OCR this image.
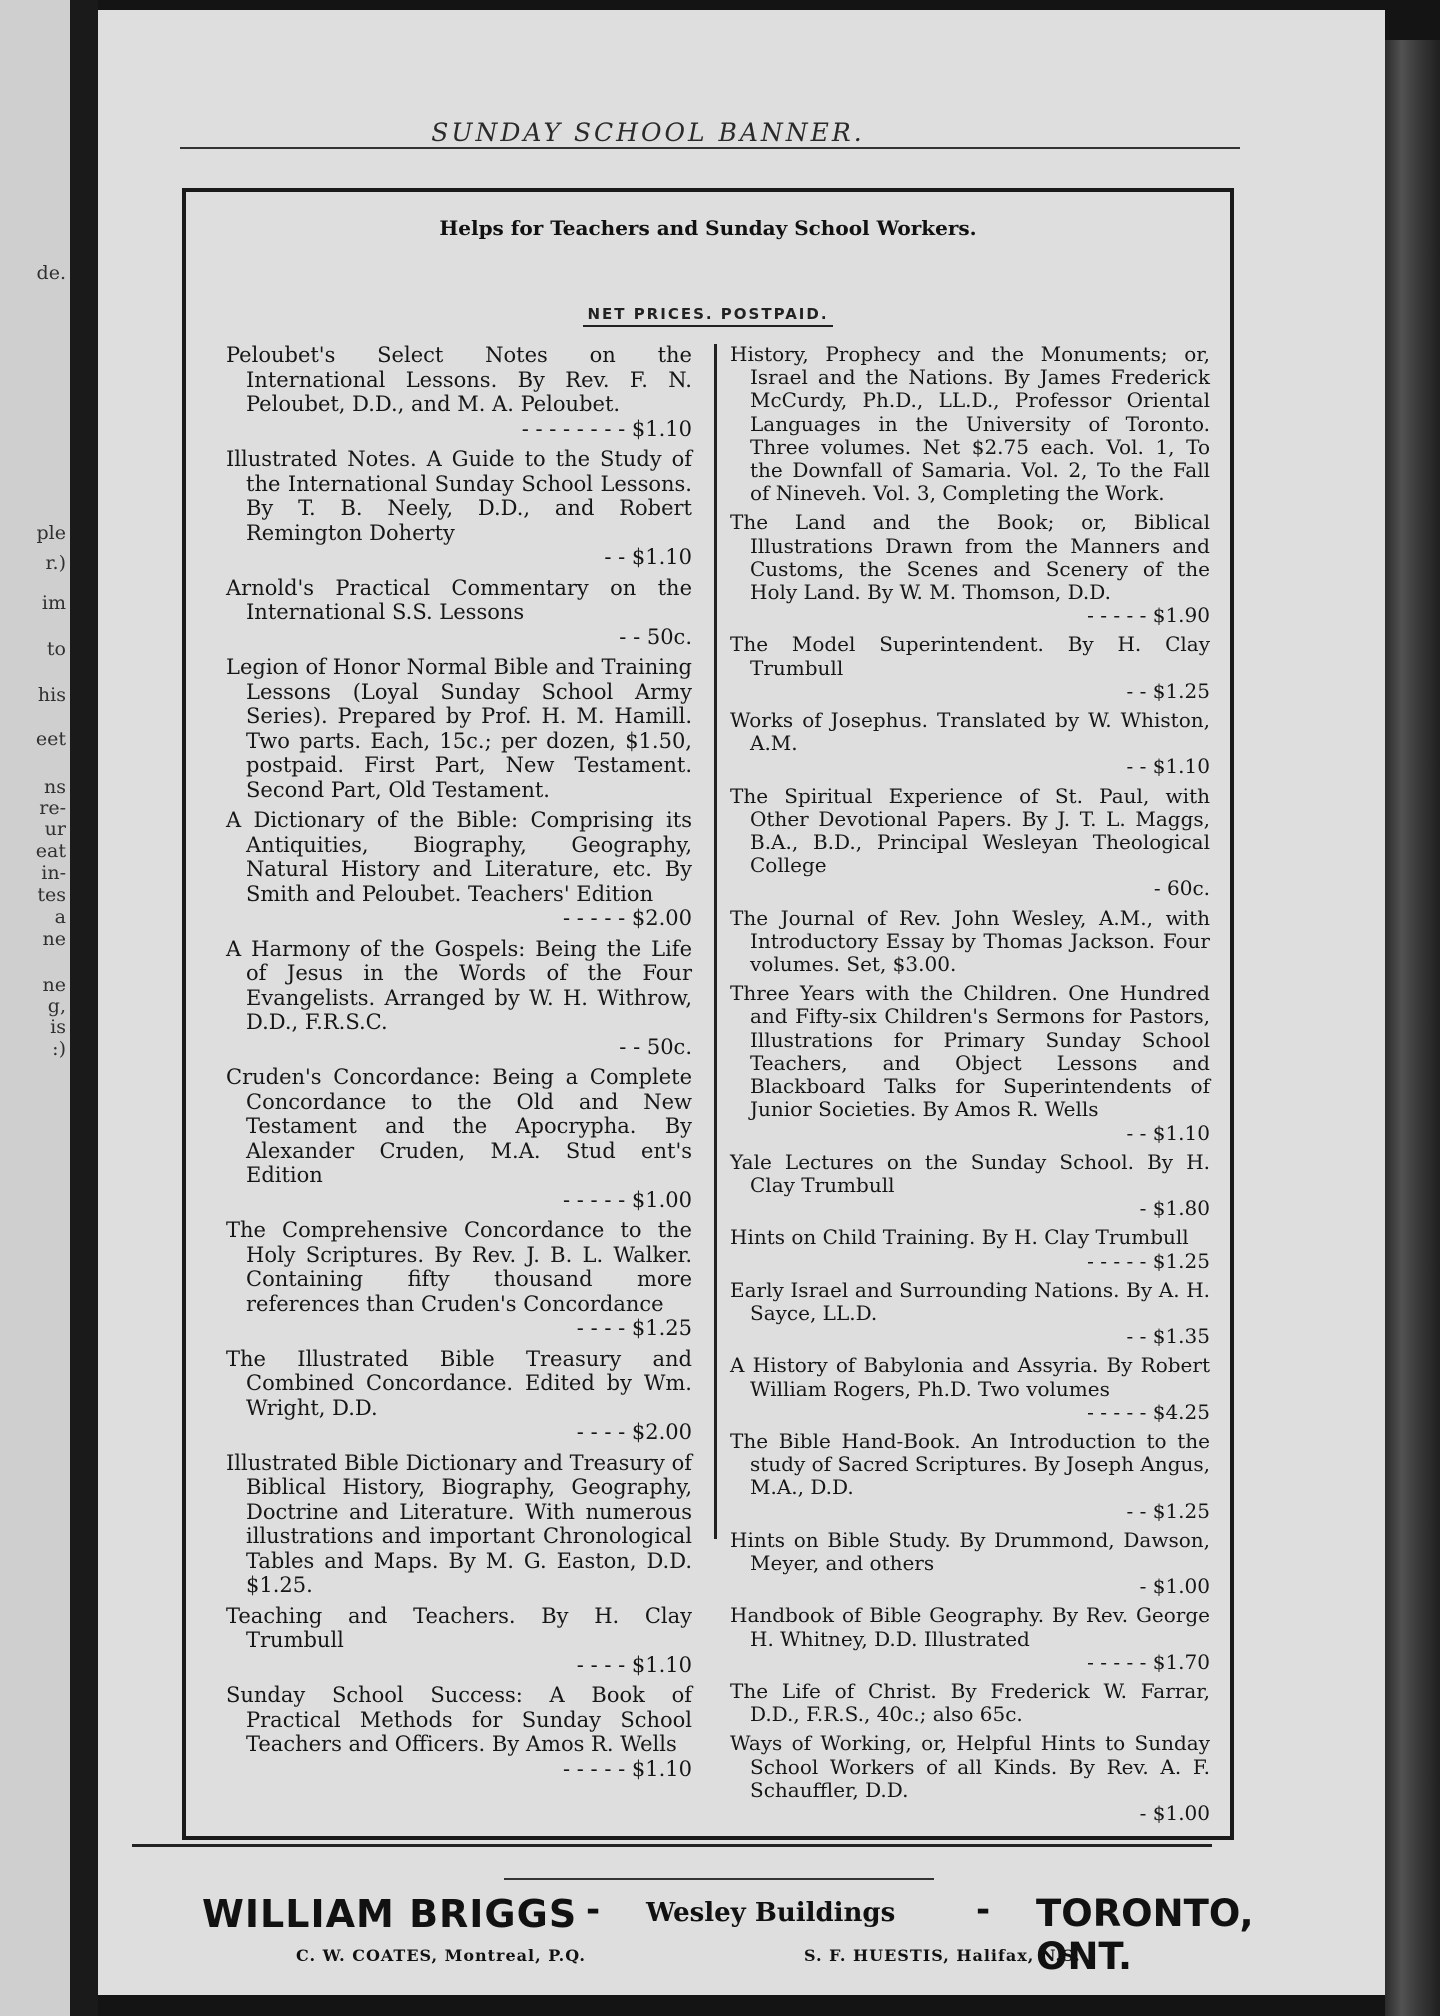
de.
ple
r.)
im
to
his
eet
ns
re-
ur
eat
in-
tes
a
ne
ne
g,
is
:)
SUNDAY SCHOOL BANNER.
Helps for Teachers and Sunday School Workers.
NET PRICES. POSTPAID.
Peloubet's Select Notes on the International Lessons. By Rev. F. N. Peloubet, D.D., and M. A. Peloubet.
- - - - - - - - $1.10
Illustrated Notes. A Guide to the Study of the International Sunday School Lessons. By T. B. Neely, D.D., and Robert Remington Doherty
- - $1.10
Arnold's Practical Commentary on the International S.S. Lessons
- - 50c.
Legion of Honor Normal Bible and Training Lessons (Loyal Sunday School Army Series). Prepared by Prof. H. M. Hamill. Two parts. Each, 15c.; per dozen, $1.50, postpaid. First Part, New Testament. Second Part, Old Testament.
A Dictionary of the Bible: Comprising its Antiquities, Biography, Geography, Natural History and Literature, etc. By Smith and Peloubet. Teachers' Edition
- - - - - $2.00
A Harmony of the Gospels: Being the Life of Jesus in the Words of the Four Evangelists. Arranged by W. H. Withrow, D.D., F.R.S.C.
- - 50c.
Cruden's Concordance: Being a Complete Concordance to the Old and New Testament and the Apocrypha. By Alexander Cruden, M.A. Stud ent's Edition
- - - - - $1.00
The Comprehensive Concordance to the Holy Scriptures. By Rev. J. B. L. Walker. Containing fifty thousand more references than Cruden's Concordance
- - - - $1.25
The Illustrated Bible Treasury and Combined Concordance. Edited by Wm. Wright, D.D.
- - - - $2.00
Illustrated Bible Dictionary and Treasury of Biblical History, Biography, Geography, Doctrine and Literature. With numerous illustrations and important Chronological Tables and Maps. By M. G. Easton, D.D. $1.25.
Teaching and Teachers. By H. Clay Trumbull
- - - - $1.10
Sunday School Success: A Book of Practical Methods for Sunday School Teachers and Officers. By Amos R. Wells
- - - - - $1.10
History, Prophecy and the Monuments; or, Israel and the Nations. By James Frederick McCurdy, Ph.D., LL.D., Professor Oriental Languages in the University of Toronto. Three volumes. Net $2.75 each. Vol. 1, To the Downfall of Samaria. Vol. 2, To the Fall of Nineveh. Vol. 3, Completing the Work.
The Land and the Book; or, Biblical Illustrations Drawn from the Manners and Customs, the Scenes and Scenery of the Holy Land. By W. M. Thomson, D.D.
- - - - - $1.90
The Model Superintendent. By H. Clay Trumbull
- - $1.25
Works of Josephus. Translated by W. Whiston, A.M.
- - $1.10
The Spiritual Experience of St. Paul, with Other Devotional Papers. By J. T. L. Maggs, B.A., B.D., Principal Wesleyan Theological College
- 60c.
The Journal of Rev. John Wesley, A.M., with Introductory Essay by Thomas Jackson. Four volumes. Set, $3.00.
Three Years with the Children. One Hundred and Fifty-six Children's Sermons for Pastors, Illustrations for Primary Sunday School Teachers, and Object Lessons and Blackboard Talks for Superintendents of Junior Societies. By Amos R. Wells
- - $1.10
Yale Lectures on the Sunday School. By H. Clay Trumbull
- $1.80
Hints on Child Training. By H. Clay Trumbull
- - - - - $1.25
Early Israel and Surrounding Nations. By A. H. Sayce, LL.D.
- - $1.35
A History of Babylonia and Assyria. By Robert William Rogers, Ph.D. Two volumes
- - - - - $4.25
The Bible Hand-Book. An Introduction to the study of Sacred Scriptures. By Joseph Angus, M.A., D.D.
- - $1.25
Hints on Bible Study. By Drummond, Dawson, Meyer, and others
- $1.00
Handbook of Bible Geography. By Rev. George H. Whitney, D.D. Illustrated
- - - - - $1.70
The Life of Christ. By Frederick W. Farrar, D.D., F.R.S., 40c.; also 65c.
Ways of Working, or, Helpful Hints to Sunday School Workers of all Kinds. By Rev. A. F. Schauffler, D.D.
- $1.00
WILLIAM BRIGGS - Wesley Buildings - TORONTO, ONT.
C. W. COATES, Montreal, P.Q.	S. F. HUESTIS, Halifax, N.S.
